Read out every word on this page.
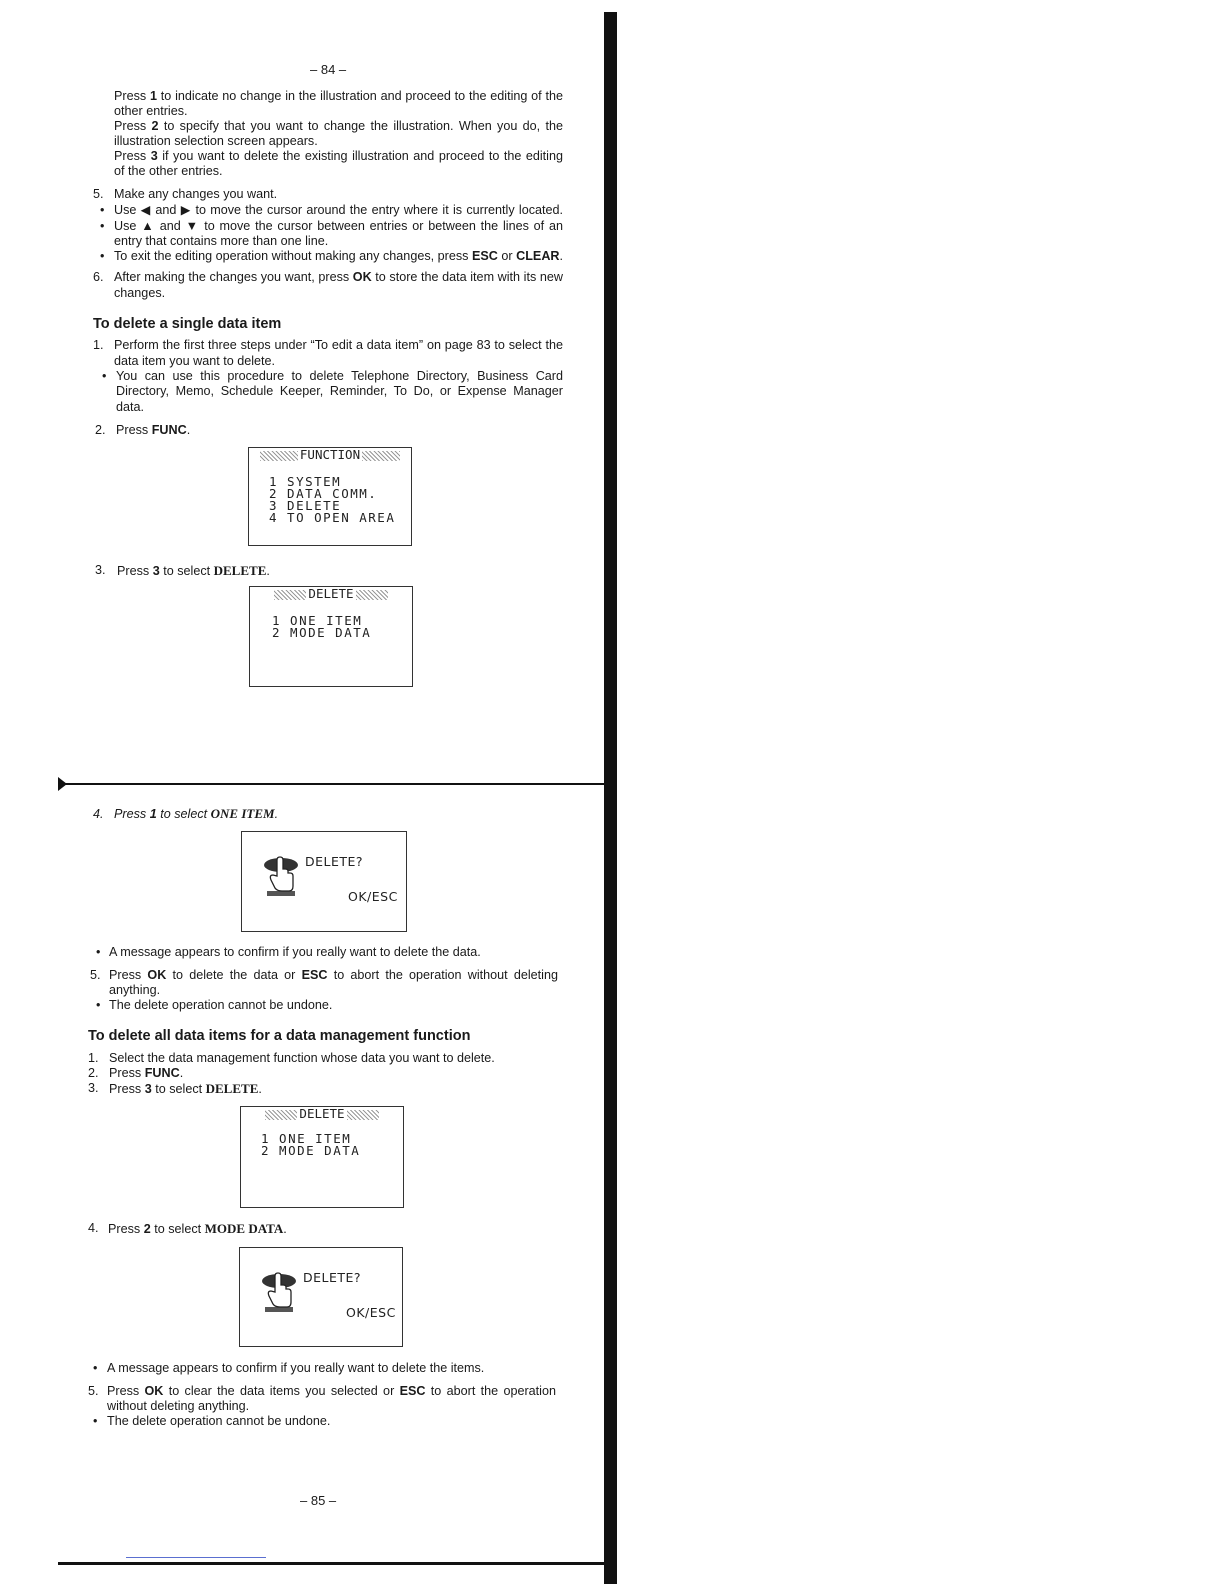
– 84 –
Press 1 to indicate no change in the illustration and proceed to the editing of the
other entries.
Press 2 to specify that you want to change the illustration. When you do, the
illustration selection screen appears.
Press 3 if you want to delete the existing illustration and proceed to the editing
of the other entries.
5. Make any changes you want.
• Use ◀ and ▶ to move the cursor around the entry where it is currently located.
• Use ▲ and ▼ to move the cursor between entries or between the lines of an
entry that contains more than one line.
• To exit the editing operation without making any changes, press ESC or CLEAR.
6. After making the changes you want, press OK to store the data item with its new
changes.
To delete a single data item
1. Perform the first three steps under “To edit a data item” on page 83 to select the
data item you want to delete.
• You can use this procedure to delete Telephone Directory, Business Card
Directory, Memo, Schedule Keeper, Reminder, To Do, or Expense Manager
data.
2. Press FUNC.
FUNCTION
1 SYSTEM
2 DATA COMM.
3 DELETE
4 TO OPEN AREA
3. Press 3 to select DELETE.
DELETE
1 ONE ITEM
2 MODE DATA
4. Press 1 to select ONE ITEM.
DELETE?
OK/ESC
• A message appears to confirm if you really want to delete the data.
5. Press OK to delete the data or ESC to abort the operation without deleting
anything.
• The delete operation cannot be undone.
To delete all data items for a data management function
1. Select the data management function whose data you want to delete.
2. Press FUNC.
3. Press 3 to select DELETE.
DELETE
1 ONE ITEM
2 MODE DATA
4. Press 2 to select MODE DATA.
DELETE?
OK/ESC
• A message appears to confirm if you really want to delete the items.
5. Press OK to clear the data items you selected or ESC to abort the operation
without deleting anything.
• The delete operation cannot be undone.
– 85 –
